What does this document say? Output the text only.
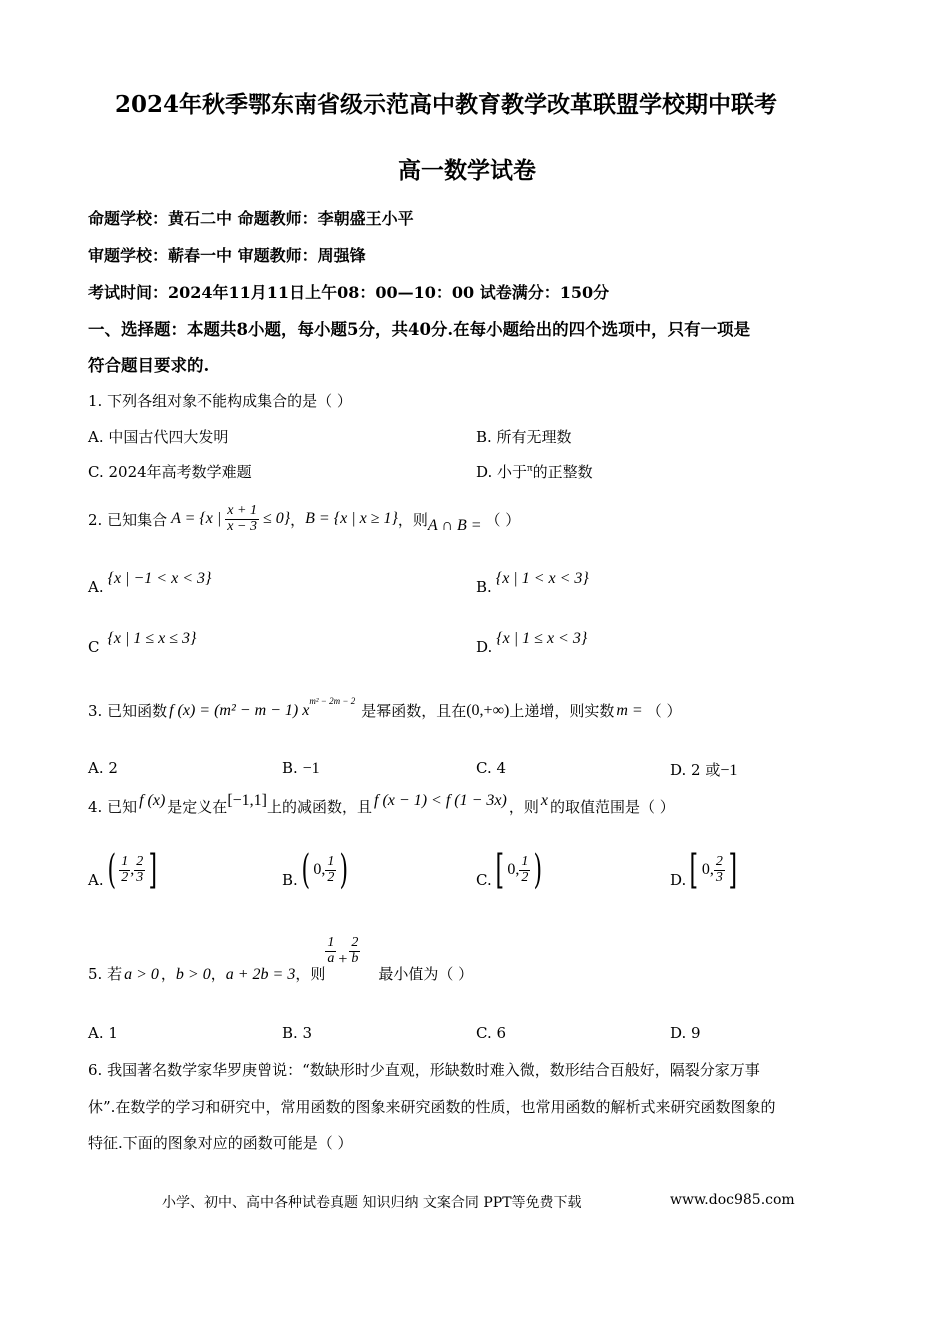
2024年秋季鄂东南省级示范高中教育教学改革联盟学校期中联考
高一数学试卷
命题学校：黄石二中 命题教师：李朝盛王小平
审题学校：蕲春一中 审题教师：周强锋
考试时间：2024年11月11日上午08：00—10：00 试卷满分：150分
一、选择题：本题共8小题，每小题5分，共40分.在每小题给出的四个选项中，只有一项是
符合题目要求的.
1. 下列各组对象不能构成集合的是（ ）
A. 中国古代四大发明	B. 所有无理数
C. 2024年高考数学难题	D. 小于$^\pi$的正整数
2. 已知集合 A = {x | $\frac{x + 1}{x - 3} \le 0$} ， B = {x | x ≥ 1} ，则 A ∩ B = （ ）
A. {x | −1 < x < 3}	B. {x | 1 < x < 3}
C {x | 1 ≤ x ≤ 3}	D. {x | 1 ≤ x < 3}
3. 已知函数 f (x) = (m² − m − 1) x
$^{m^2 - 2m - 2}$
是幂函数，且在 (0,+∞) 上递增，则实数 m = （ ）
A. 2	B. −1	C. 4	D. 2 或−1
4. 已知 f (x) 是定义在 [−1,1] 上的减函数，且 f (x − 1) < f (1 − 3x) ，则 x 的取值范围是（ ）
A. ( $\frac{1}{2}$ , $\frac{2}{3}$ ]	B. ( 0, $\frac{1}{2}$ )	C. [ 0, $\frac{1}{2}$ )	D. [ 0, $\frac{2}{3}$ ]
5. 若 a > 0 ， b > 0 ， a + 2b = 3 ，则
$\frac{1}{a} + \frac{2}{b}$
最小值为（ ）
A. 1	B. 3	C. 6	D. 9
6. 我国著名数学家华罗庚曾说：“数缺形时少直观，形缺数时难入微，数形结合百般好，隔裂分家万事
休”.在数学的学习和研究中，常用函数的图象来研究函数的性质，也常用函数的解析式来研究函数图象的
特征.下面的图象对应的函数可能是（ ）
小学、初中、高中各种试卷真题 知识归纳 文案合同 PPT等免费下载	www.doc985.com
